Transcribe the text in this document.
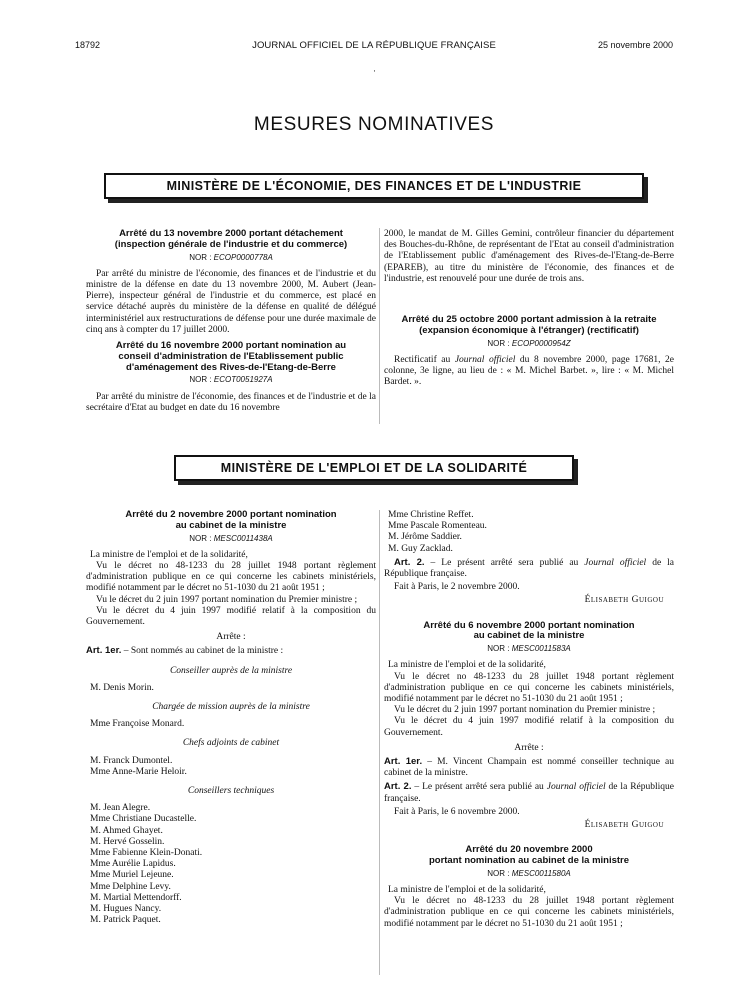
JOURNAL OFFICIEL DE LA RÉPUBLIQUE FRANÇAISE
18792	25 novembre 2000
·
MESURES NOMINATIVES
MINISTÈRE DE L'ÉCONOMIE, DES FINANCES ET DE L'INDUSTRIE
Arrêté du 13 novembre 2000 portant détachement
(inspection générale de l'industrie et du commerce)
NOR : ECOP0000778A

Par arrêté du ministre de l'économie, des finances et de l'industrie et du ministre de la défense en date du 13 novembre 2000, M. Aubert (Jean-Pierre), inspecteur général de l'industrie et du commerce, est placé en service détaché auprès du ministère de la défense en qualité de délégué interministériel aux restructurations de défense pour une durée maximale de cinq ans à compter du 17 juillet 2000.

Arrêté du 16 novembre 2000 portant nomination au
conseil d'administration de l'Etablissement public
d'aménagement des Rives-de-l'Etang-de-Berre
NOR : ECOT0051927A

Par arrêté du ministre de l'économie, des finances et de l'industrie et de la secrétaire d'Etat au budget en date du 16 novembre

2000, le mandat de M. Gilles Gemini, contrôleur financier du département des Bouches-du-Rhône, de représentant de l'Etat au conseil d'administration de l'Etablissement public d'aménagement des Rives-de-l'Etang-de-Berre (EPAREB), au titre du ministère de l'économie, des finances et de l'industrie, est renouvelé pour une durée de trois ans.

Arrêté du 25 octobre 2000 portant admission à la retraite
(expansion économique à l'étranger) (rectificatif)
NOR : ECOP0000954Z

Rectificatif au Journal officiel du 8 novembre 2000, page 17681, 2e colonne, 3e ligne, au lieu de : « M. Michel Barbet. », lire : « M. Michel Bardet. ».

MINISTÈRE DE L'EMPLOI ET DE LA SOLIDARITÉ
Arrêté du 2 novembre 2000 portant nomination
au cabinet de la ministre
NOR : MESC0011438A

La ministre de l'emploi et de la solidarité,

Vu le décret no 48-1233 du 28 juillet 1948 portant règlement d'administration publique en ce qui concerne les cabinets ministériels, modifié notamment par le décret no 51-1030 du 21 août 1951 ;

Vu le décret du 2 juin 1997 portant nomination du Premier ministre ;

Vu le décret du 4 juin 1997 modifié relatif à la composition du Gouvernement.

Arrête :

Art. 1er. – Sont nommés au cabinet de la ministre :

Conseiller auprès de la ministre

M. Denis Morin.

Chargée de mission auprès de la ministre

Mme Françoise Monard.

Chefs adjoints de cabinet

M. Franck Dumontel.

Mme Anne-Marie Heloir.

Conseillers techniques

M. Jean Alegre.

Mme Christiane Ducastelle.

M. Ahmed Ghayet.

M. Hervé Gosselin.

Mme Fabienne Klein-Donati.

Mme Aurélie Lapidus.

Mme Muriel Lejeune.

Mme Delphine Levy.

M. Martial Mettendorff.

M. Hugues Nancy.

M. Patrick Paquet.

Mme Christine Reffet.

Mme Pascale Romenteau.

M. Jérôme Saddier.

M. Guy Zacklad.

Art. 2. – Le présent arrêté sera publié au Journal officiel de la République française.

Fait à Paris, le 2 novembre 2000.

Élisabeth Guigou

Arrêté du 6 novembre 2000 portant nomination
au cabinet de la ministre
NOR : MESC0011583A

La ministre de l'emploi et de la solidarité,

Vu le décret no 48-1233 du 28 juillet 1948 portant règlement d'administration publique en ce qui concerne les cabinets ministériels, modifié notamment par le décret no 51-1030 du 21 août 1951 ;

Vu le décret du 2 juin 1997 portant nomination du Premier ministre ;

Vu le décret du 4 juin 1997 modifié relatif à la composition du Gouvernement.

Arrête :

Art. 1er. – M. Vincent Champain est nommé conseiller technique au cabinet de la ministre.

Art. 2. – Le présent arrêté sera publié au Journal officiel de la République française.

Fait à Paris, le 6 novembre 2000.

Élisabeth Guigou

Arrêté du 20 novembre 2000
portant nomination au cabinet de la ministre
NOR : MESC0011580A

La ministre de l'emploi et de la solidarité,

Vu le décret no 48-1233 du 28 juillet 1948 portant règlement d'administration publique en ce qui concerne les cabinets ministériels, modifié notamment par le décret no 51-1030 du 21 août 1951 ;
